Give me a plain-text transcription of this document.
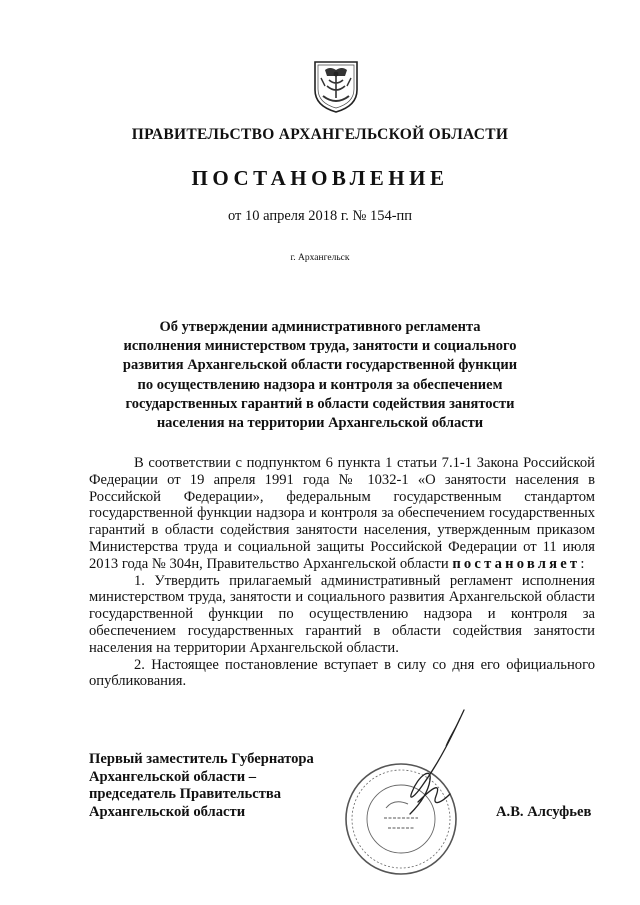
ПРАВИТЕЛЬСТВО АРХАНГЕЛЬСКОЙ ОБЛАСТИ
ПОСТАНОВЛЕНИЕ
от 10 апреля 2018 г. № 154-пп
г. Архангельск
Об утверждении административного регламента
исполнения министерством труда, занятости и социального
развития Архангельской области государственной функции
по осуществлению надзора и контроля за обеспечением
государственных гарантий в области содействия занятости
населения на территории Архангельской области

В соответствии с подпунктом 6 пункта 1 статьи 7.1-1 Закона Российской Федерации от 19 апреля 1991 года № 1032-1 «О занятости населения в Российской Федерации», федеральным государственным стандартом государственной функции надзора и контроля за обеспечением государственных гарантий в области содействия занятости населения, утвержденным приказом Министерства труда и социальной защиты Российской Федерации от 11 июля 2013 года № 304н, Правительство Архангельской области постановляет:

1. Утвердить прилагаемый административный регламент исполнения министерством труда, занятости и социального развития Архангельской области государственной функции по осуществлению надзора и контроля за обеспечением государственных гарантий в области содействия занятости населения на территории Архангельской области.

2. Настоящее постановление вступает в силу со дня его официального опубликования.

Первый заместитель Губернатора
Архангельской области –
председатель Правительства
Архангельской области	А.В. Алсуфьев
